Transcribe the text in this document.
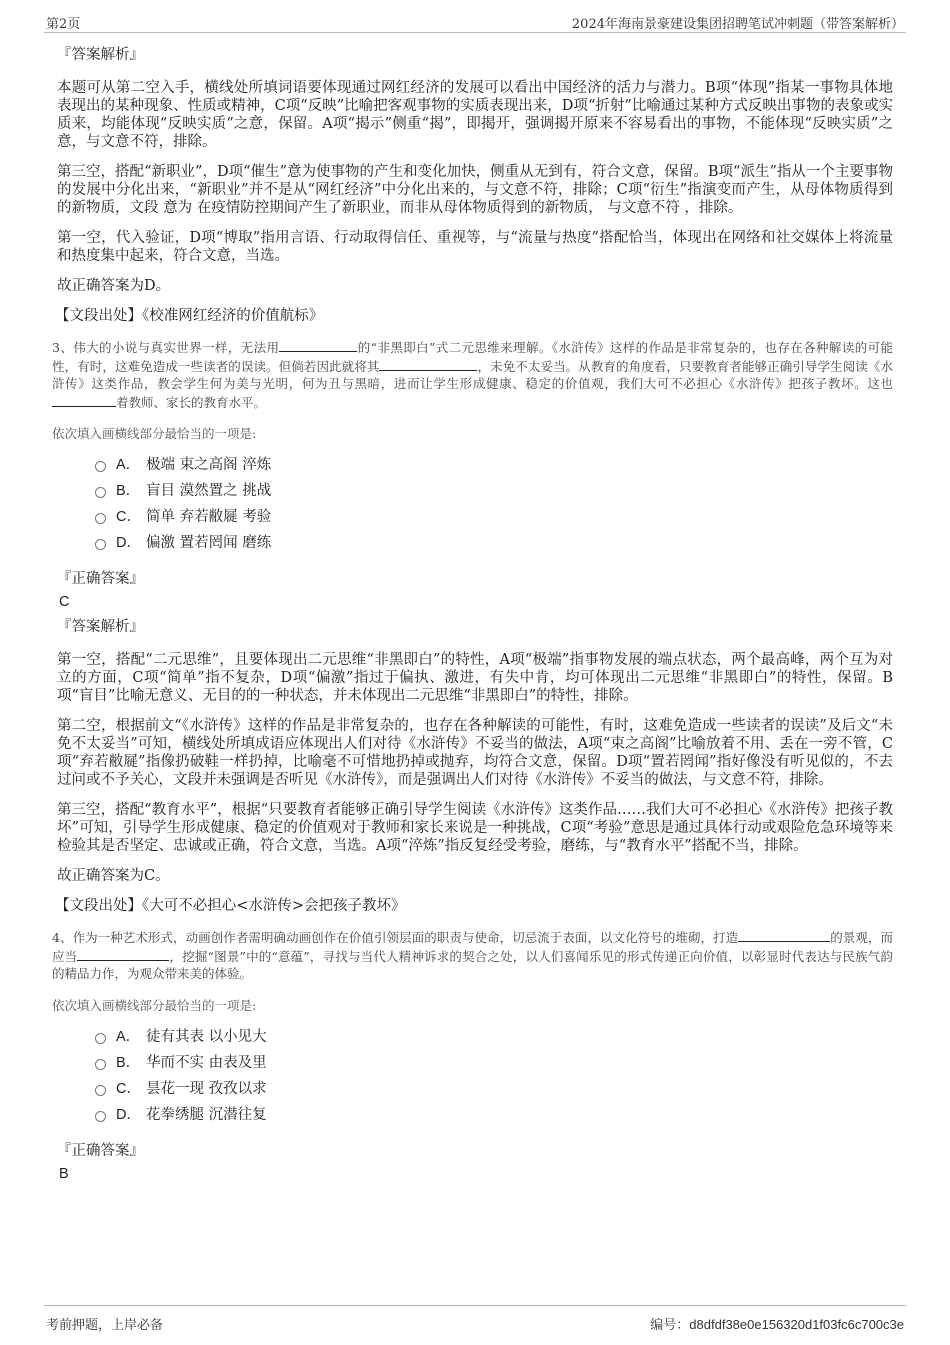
第2页	2024年海南景豪建设集团招聘笔试冲刺题（带答案解析）
『答案解析』
本题可从第二空入手，横线处所填词语要体现通过网红经济的发展可以看出中国经济的活力与潜力。B项“体现”指某一事物具体地表现出的某种现象、性质或精神，C项“反映”比喻把客观事物的实质表现出来，D项“折射”比喻通过某种方式反映出事物的表象或实质来，均能体现“反映实质”之意，保留。A项“揭示”侧重“揭”，即揭开，强调揭开原来不容易看出的事物，不能体现“反映实质”之意，与文意不符，排除。
第三空，搭配“新职业”，D项“催生”意为使事物的产生和变化加快，侧重从无到有，符合文意，保留。B项“派生”指从一个主要事物的发展中分化出来，“新职业”并不是从“网红经济”中分化出来的，与文意不符，排除；C项“衍生”指演变而产生，从母体物质得到的新物质，文段 意为 在疫情防控期间产生了新职业，而非从母体物质得到的新物质， 与文意不符 ，排除。
第一空，代入验证，D项“博取”指用言语、行动取得信任、重视等，与“流量与热度”搭配恰当，体现出在网络和社交媒体上将流量和热度集中起来，符合文意，当选。
故正确答案为D。
【文段出处】《校准网红经济的价值航标》
3、伟大的小说与真实世界一样，无法用	的“非黑即白”式二元思维来理解。《水浒传》这样的作品是非常复杂的，也存在各种解读的可能性，有时，这难免造成一些读者的误读。但倘若因此就将其	，未免不太妥当。从教育的角度看，只要教育者能够正确引导学生阅读《水浒传》这类作品，教会学生何为美与光明，何为丑与黑暗，进而让学生形成健康、稳定的价值观，我们大可不必担心《水浒传》把孩子教坏。这也着教师、家长的教育水平。
依次填入画横线部分最恰当的一项是:
A． 极端 束之高阁 淬炼
B． 盲目 漠然置之 挑战
C． 简单 弃若敝屣 考验
D． 偏激 置若罔闻 磨练
『正确答案』
C
『答案解析』
第一空，搭配“二元思维”，且要体现出二元思维“非黑即白”的特性，A项“极端”指事物发展的端点状态，两个最高峰，两个互为对立的方面，C项“简单”指不复杂，D项“偏激”指过于偏执、激进，有失中肯，均可体现出二元思维“非黑即白”的特性，保留。B项“盲目”比喻无意义、无目的的一种状态，并未体现出二元思维“非黑即白”的特性，排除。
第二空，根据前文“《水浒传》这样的作品是非常复杂的，也存在各种解读的可能性，有时，这难免造成一些读者的误读”及后文“未免不太妥当”可知，横线处所填成语应体现出人们对待《水浒传》不妥当的做法，A项“束之高阁”比喻放着不用、丢在一旁不管，C项“弃若敝屣”指像扔破鞋一样扔掉，比喻毫不可惜地扔掉或抛弃，均符合文意，保留。D项“置若罔闻”指好像没有听见似的，不去过问或不予关心，文段并未强调是否听见《水浒传》，而是强调出人们对待《水浒传》不妥当的做法，与文意不符，排除。
第三空，搭配“教育水平”，根据“只要教育者能够正确引导学生阅读《水浒传》这类作品……我们大可不必担心《水浒传》把孩子教坏”可知，引导学生形成健康、稳定的价值观对于教师和家长来说是一种挑战，C项“考验”意思是通过具体行动或艰险危急环境等来检验其是否坚定、忠诚或正确，符合文意，当选。A项“淬炼”指反复经受考验，磨练，与“教育水平”搭配不当，排除。
故正确答案为C。
【文段出处】《大可不必担心<水浒传>会把孩子教坏》
4、作为一种艺术形式，动画创作者需明确动画创作在价值引领层面的职责与使命，切忌流于表面，以文化符号的堆砌，打造	的景观，而应当	，挖掘“图景”中的“意蕴”，寻找与当代人精神诉求的契合之处，以人们喜闻乐见的形式传递正向价值，以彰显时代表达与民族气韵的精品力作，为观众带来美的体验。
依次填入画横线部分最恰当的一项是:
A． 徒有其表 以小见大
B． 华而不实 由表及里
C． 昙花一现 孜孜以求
D． 花拳绣腿 沉潜往复
『正确答案』
B
考前押题，上岸必备	编号：d8dfdf38e0e156320d1f03fc6c700c3e
